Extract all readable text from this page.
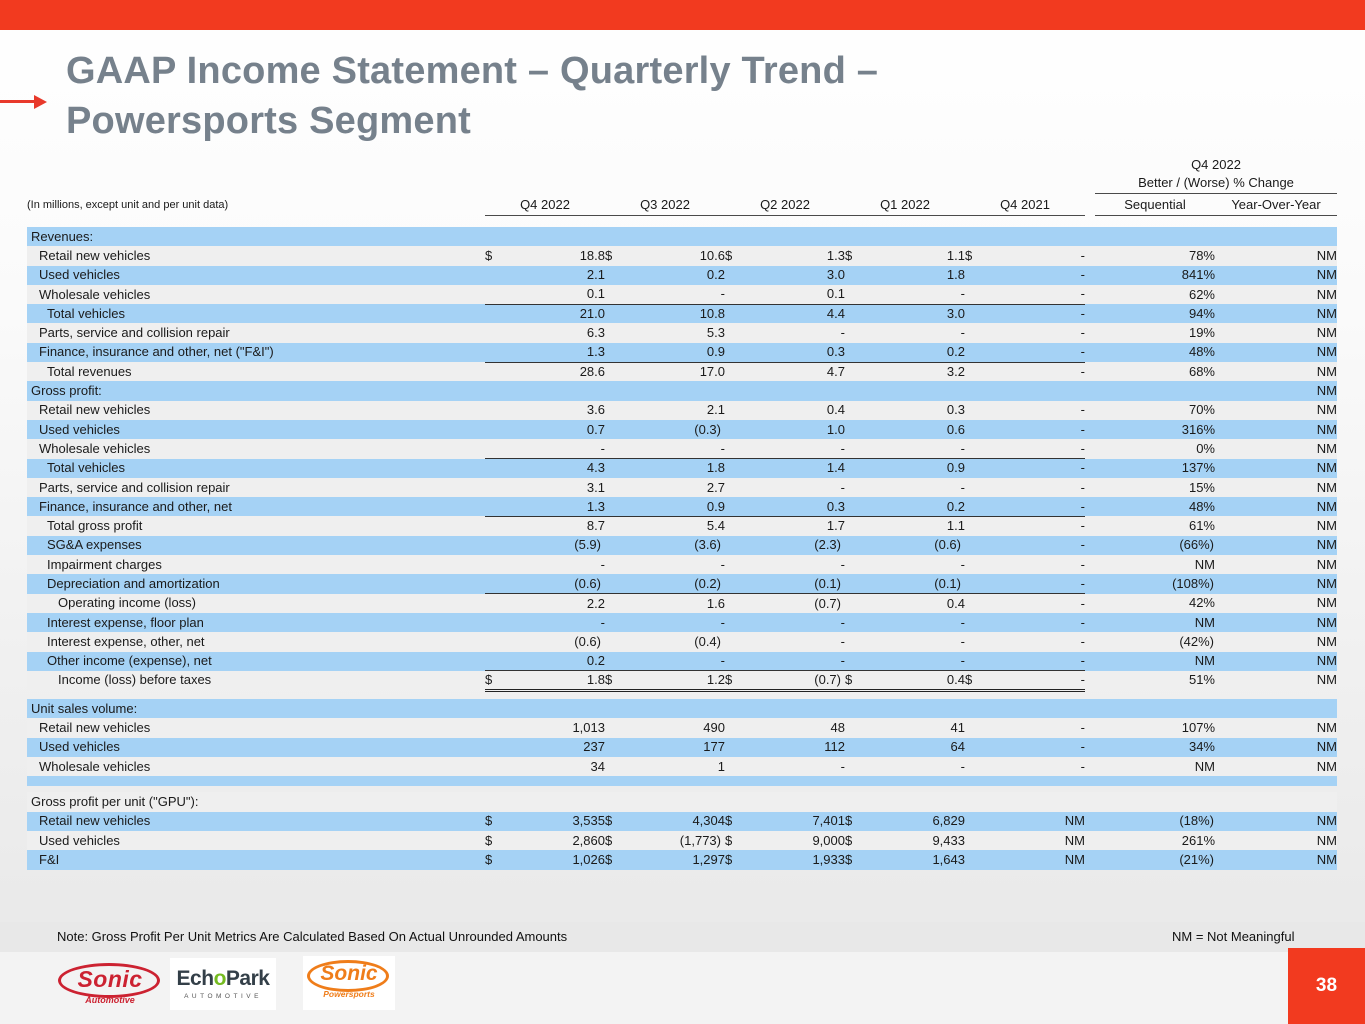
GAAP Income Statement – Quarterly Trend – Powersports Segment
												Q4 2022	
												Better / (Worse) % Change	
(In millions, except unit and per unit data)	Q4 2022		Q3 2022		Q2 2022		Q1 2022		Q4 2021			Sequential	Year-Over-Year

Revenues:													
Retail new vehicles	$	18.8	$	10.6	$	1.3	$	1.1	$	-		78%	NM
Used vehicles		2.1		0.2		3.0		1.8		-		841%	NM
Wholesale vehicles		0.1		-		0.1		-		-		62%	NM
Total vehicles		21.0		10.8		4.4		3.0		-		94%	NM
Parts, service and collision repair		6.3		5.3		-		-		-		19%	NM
Finance, insurance and other, net ("F&I")		1.3		0.9		0.3		0.2		-		48%	NM
Total revenues		28.6		17.0		4.7		3.2		-		68%	NM
Gross profit:													NM
Retail new vehicles		3.6		2.1		0.4		0.3		-		70%	NM
Used vehicles		0.7		(0.3)		1.0		0.6		-		316%	NM
Wholesale vehicles		-		-		-		-		-		0%	NM
Total vehicles		4.3		1.8		1.4		0.9		-		137%	NM
Parts, service and collision repair		3.1		2.7		-		-		-		15%	NM
Finance, insurance and other, net		1.3		0.9		0.3		0.2		-		48%	NM
Total gross profit		8.7		5.4		1.7		1.1		-		61%	NM
SG&A expenses		(5.9)		(3.6)		(2.3)		(0.6)		-		(66%)	NM
Impairment charges		-		-		-		-		-		NM	NM
Depreciation and amortization		(0.6)		(0.2)		(0.1)		(0.1)		-		(108%)	NM
Operating income (loss)		2.2		1.6		(0.7)		0.4		-		42%	NM
Interest expense, floor plan		-		-		-		-		-		NM	NM
Interest expense, other, net		(0.6)		(0.4)		-		-		-		(42%)	NM
Other income (expense), net		0.2		-		-		-		-		NM	NM
Income (loss) before taxes	$	1.8	$	1.2	$	(0.7)	$	0.4	$	-		51%	NM

Unit sales volume:													
Retail new vehicles		1,013		490		48		41		-		107%	NM
Used vehicles		237		177		112		64		-		34%	NM
Wholesale vehicles		34		1		-		-		-		NM	NM

Gross profit per unit ("GPU"):													
Retail new vehicles	$	3,535	$	4,304	$	7,401	$	6,829		NM		(18%)	NM
Used vehicles	$	2,860	$	(1,773)	$	9,000	$	9,433		NM		261%	NM
F&I	$	1,026	$	1,297	$	1,933	$	1,643		NM		(21%)	NM
Note: Gross Profit Per Unit Metrics Are Calculated Based On Actual Unrounded Amounts	NM = Not Meaningful
Sonic
Automotive
EchoPark
AUTOMOTIVE
Sonic
Powersports	38
